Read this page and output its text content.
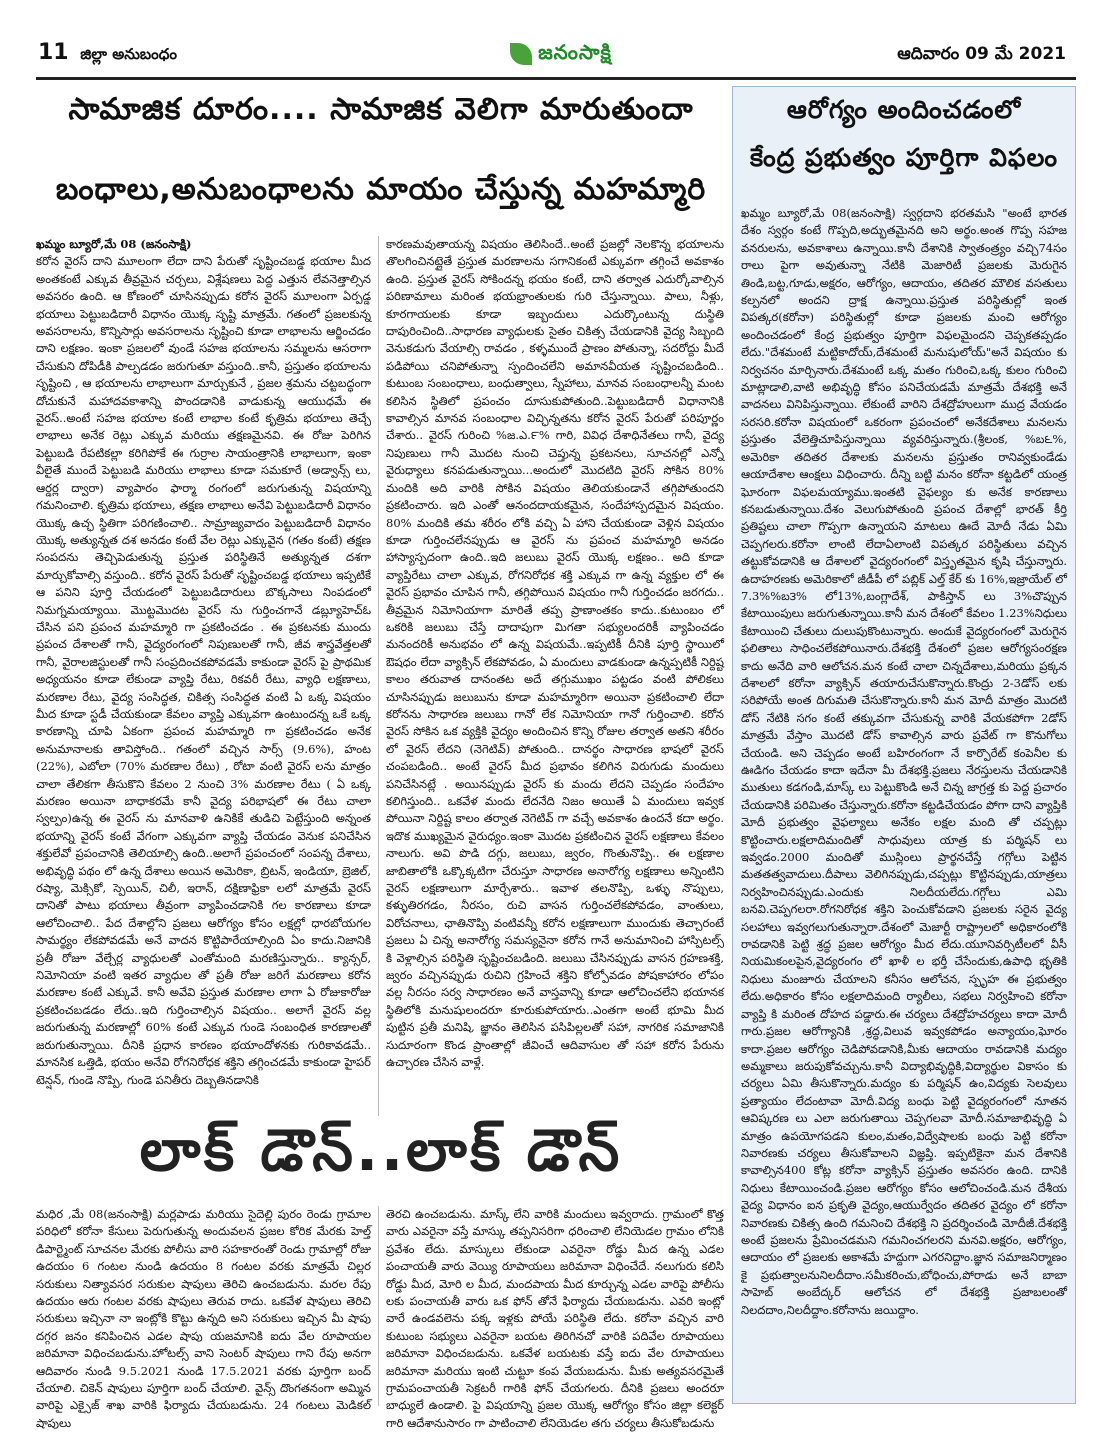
11 జిల్లా అనుబంధం	జనంసాక్షి	ఆదివారం 09 మే 2021
సామాజిక దూరం.... సామాజిక వెలిగా మారుతుందా
బంధాలు,అనుబంధాలను మాయం చేస్తున్న మహమ్మారి

ఖమ్మం బ్యూరో,మే 08 (జనంసాక్షి)

కరోన వైరస్ దాని మూలంగా లేదా దాని పేరుతో సృష్టించబడ్డ భయాల మీద అంతకంటే ఎక్కువ తీవ్రమైన చర్చలు, విశ్లేషణలు పెద్ద ఎత్తున లేవనెత్తాల్సిన అవసరం ఉంది. ఆ కోణంలో చూసినప్పుడు కరోన వైరస్ మూలంగా ఏర్పడ్డ భయాలు పెట్టుబడిదారీ విధానం యొక్క సృష్టి మాత్రమే. గతంలో ప్రజలకున్న అవసరాలను, కొన్నిసార్లు అవసరాలను సృష్టించి కూడా లాభాలను ఆర్జించడం దాని లక్షణం. ఇంకా ప్రజలలో వుండే సహజ భయాలను సమ్మలను ఆసరాగా చేసుకుని దోపిడీకి పాల్పడడం జరుగుతూ వస్తుంది..కానీ, ప్రస్తుతం భయాలను సృష్టించి , ఆ భయాలను లాభాలుగా మార్చుకునే , ప్రజల శ్రమను చట్టబద్ధంగా దోచుకునే మహాదవకాశాన్ని పొందడానికి వాడుకున్న ఆయుధమే ఈ వైరస్..అంటే సహజ భయాల కంటే లాభాల కంటే కృత్రిమ భయాలు తెచ్చే లాభాలు అనేక రెట్లు ఎక్కువ మరియు తక్షణమైనవి. ఈ రోజు పెరిగిన పెట్టుబడి రేపటికల్లా కరిగిపోకే ఈ గుర్రాల సాయంత్రానికి లాభాలుగా, ఇంకా వీలైతే ముందే పెట్టుబడి మరియు లాభాలు కూడా సమకూరే (అడ్వాన్స్ లు, ఆర్డర్ల ద్వారా) వ్యాపారం ఫార్మా రంగంలో జరుగుతున్న విషయాన్ని గమనించాలి. కృత్రిమ భయాలు, తక్షణ లాభాలు అనేవి పెట్టుబడిదారీ విధానం యొక్క ఉచ్ఛ స్థితిగా పరిగణించాలి.. సామ్రాజ్యవాదం పెట్టుబడిదారీ విధానం యొక్క అత్యున్నత దశ అనడం కంటే వేల రెట్లు ఎక్కువైన (గతం కంటే) తక్షణ సంపదను తెచ్చిపెడుతున్న ప్రస్తుత పరిస్థితినే అత్యున్నత దశగా మార్చుకోవాల్సి వస్తుంది.. కరోన వైరస్ పేరుతో సృష్టించబడ్డ భయాలు ఇప్పటికే ఆ పనిని పూర్తి చేయడంలో పెట్టుబడిదారులు బొక్కసాలు నింపడంలో నిమగ్నమయ్యాయి. మొట్టమొదట వైరస్ ను గుర్తించగానే డబ్ల్యూహెచ్ఓ చేసిన పని ప్రపంచ మహమ్మారి గా ప్రకటించడం . ఈ ప్రకటనకు ముందు ప్రపంచ దేశాలతో గానీ, వైద్యరంగంలో నిపుణులతో గానీ, జీవ శాస్త్రవేత్తలతో గానీ, వైరాలజిస్టులతో గానీ సంప్రదించకపోవడమే కాకుండా వైరస్ పై ప్రాథమిక అధ్యయనం కూడా లేకుండా వ్యాప్తి రేటు, రికవరీ రేటు, వ్యాధి లక్షణాలు, మరణాల రేటు, వైద్య సంసిద్ధత, చికిత్స సంసిద్ధత వంటి ఏ ఒక్క విషయం మీద కూడా స్టడీ చేయకుండా కేవలం వ్యాప్తి ఎక్కువగా ఉంటుందన్న ఒకే ఒక్క కారణాన్ని చూపి ఏకంగా ప్రపంచ మహమ్మారి గా ప్రకటించడం అనేక అనుమానాలకు తావిస్తోంది.. గతంలో వచ్చిన సార్స్ (9.6%), హంట (22%), ఎబోలా (70% మరణాల రేటు) , రోటా వంటి వైరస్ లను మాత్రం చాలా తేలికగా తీసుకొని కేవలం 2 నుంచి 3% మరణాల రేటు ( ఏ ఒక్క మరణం అయినా బాధాకరమే కానీ వైద్య పరిభాషలో ఈ రేటు చాలా స్వల్పం)ఉన్న ఈ వైరస్ ను మానవాళి ఉనికికే తుడిచి పెట్టేస్తుంది అన్నంత భయాన్ని వైరస్ కంటే వేగంగా ఎక్కువగా వ్యాప్తి చేయడం వెనుక పనిచేసిన శక్తులేవో ప్రపంచానికి తెలియాల్సి ఉంది..అలాగే ప్రపంచంలో సంపన్న దేశాలు, అభివృద్ధి పథం లో ఉన్న దేశాలు అయిన అమెరికా, బ్రిటన్, ఇండియా, బ్రెజిల్, రష్యా, మెక్సికో, స్పెయిన్, చిలీ, ఇరాన్, దక్షిణాఫ్రికా లలో మాత్రమే వైరస్ దానితో పాటు భయాలు తీవ్రంగా వ్యాపించడానికి గల కారణాలు కూడా ఆలోచించాలి.. పేద దేశాల్లోని ప్రజలు ఆరోగ్యం కోసం లక్షల్లో ధారబోయగల సామర్థ్యం లేకపోవడమే అనే వాదన కొట్టిపారేయాల్సింది ఏం కాదు.నిజానికి ప్రతీ రోజూ వేల్చేర్ల వ్యాధులతో ఎంతోమంది మరణిస్తున్నారు.. క్యాన్సర్, నిమోనియా వంటి ఇతర వ్యాధుల తో ప్రతీ రోజు జరిగే మరణాలు కరోన మరణాల కంటే ఎక్కువే. కానీ అవేవి ప్రస్తుత మరణాల లాగా ఏ రోజుకారోజు ప్రకటించబడడం లేదు..ఇది గుర్తించాల్సిన విషయం.. అలాగే వైరస్ వల్ల జరుగుతున్న మరణాల్లో 60% కంటే ఎక్కువ గుండె సంబంధిత కారణాలతో జరుగుతున్నాయి. దీనికి ప్రధాన కారణం భయాందోళనకు గురికావడమే.. మానసిక ఒత్తిడి, భయం అనేవి రోగనిరోధక శక్తిని తగ్గించడమే కాకుండా హైపర్ టెన్షన్, గుండె నొప్పి, గుండె పనితీరు దెబ్బతినడానికి

కారణమవుతాయన్న విషయం తెలిసిందే..అంటే ప్రజల్లో నెలకొన్న భయాలను తొలగించినట్లైతే ప్రస్తుత మరణాలను సగానికంటే ఎక్కువగా తగ్గించే అవకాశం ఉంది. ప్రస్తుత వైరస్ సోకిందన్న భయం కంటే, దాని తర్వాత ఎదుర్కోవాల్సిన పరిణామాలు మరింత భయభ్రాంతులకు గురి చేస్తున్నాయి. పాలు, నీళ్లు, కూరగాయలకు కూడా ఇబ్బందులు ఎదుర్కొంటున్న దుస్థితి దాపురించింది..సాధారణ వ్యాధులకు సైతం చికిత్స చేయడానికి వైద్య సిబ్బంది వెనుకడుగు వేయాల్సి రావడం , కళ్ళముందే ప్రాణం పోతున్నా, సదరోద్దు మీదే పడిపోయి చనిపోతున్నా స్పందించలేని అమానవీయత సృష్టించబడింది.. కుటుంబ సంబంధాలు, బంధుత్వాలు, స్నేహాలు, మానవ సంబంధాలన్నీ మంట కలిసిన స్థితిలో ప్రపంచం దూసుకుపోతుంది..పెట్టుబడిదారీ విధానానికి కావాల్సిన మానవ సంబంధాల విచ్ఛిన్నతను కరోన వైరస్ పేరుతో పరిపూర్ణం చేశారు.. వైరస్ గురించి %జ.ఎ.౯% గారి, వివిధ దేశాధినేతలు గానీ, వైద్య నిపుణులు గానీ మొదట నుంచి చెప్తున్న ప్రకటనలు, సూచనల్లో ఎన్నో వైరుధ్యాలు కనపడుతున్నాయి...అందులో మొదటిది వైరస్ సోకిన 80% మందికి అది వారికి సోకిన విషయం తెలియకుండానే తగ్గిపోతుందని ప్రకటించారు. ఇది ఎంతో ఆనందదాయకమైన, సందేహాస్పదమైన విషయం. 80% మందికి తమ శరీరం లోకి వచ్చి ఏ హాని చేయకుండా వెళ్లిన విషయం కూడా గుర్తించలేనప్పుడు ఆ వైరస్ ను ప్రపంచ మహమ్మారి అనడం హాస్యాస్పదంగా ఉంది..ఇది జలుబు వైరస్ యొక్క లక్షణం.. అది కూడా వ్యాప్తిరేటు చాలా ఎక్కువ, రోగనిరోధక శక్తి ఎక్కువ గా ఉన్న వ్యక్తుల లో ఈ వైరస్ ప్రభావం చూపిన గానీ, తగ్గిపోయిన విషయం గానీ గుర్తించడం జరగదు.. తీవ్రమైన నిమోనియాగా మారితే తప్ప ప్రాణాంతకం కాదు..కుటుంబం లో ఒకరికి జలుబు చేస్తే దాదాపుగా మిగతా సభ్యులందరికీ వ్యాపించడం మనందరికీ అనుభవం లో ఉన్న విషయమే..ఇప్పటికీ దీనికి పూర్తి స్థాయిలో ఔషధం లేదా వ్యాక్సిన్ లేకపోవడం, ఏ మందులు వాడకుండా ఉన్నప్పటికీ నిర్దిష్ట కాలం తరువాత దానంతట అదే తగ్గుముఖం పట్టడం వంటి పోలికలు చూసినప్పుడు జలుబును కూడా మహమ్మారిగా అయినా ప్రకటించాలి లేదా కరోనను సాధారణ జలుబు గానో లేక నిమోనియా గానో గుర్తించాలి. కరోన వైరస్ సోకిన ఒక వ్యక్తికి వైద్యం అందించిన కొన్ని రోజుల తర్వాత అతని శరీరం లో వైరస్ లేదని (నెగెటివ్) పోతుంది.. దానర్థం సాధారణ భాషలో వైరస్ చంపబడింది.. అంటే వైరస్ మీద ప్రభావం కలిగిన విరుగుడు మందులు పనిచేసినట్లే . అయినప్పుడు వైరస్ కు మందు లేదని చెప్పడం సందేహం కలిగిస్తుంది.. ఒకవేళ మందు లేదనేది నిజం అయితే ఏ మందులు ఇవ్వక పోయినా నిర్దిష్ట కాలం తర్వాత నెగెటివ్ గా వచ్చే అవకాశం ఉందనే కదా అర్థం. ఇదొక ముఖ్యమైన వైరుధ్యం.ఇంకా మొదట ప్రకటించిన వైరస్ లక్షణాలు కేవలం నాలుగు. అవి పొడి దగ్గు, జలుబు, జ్వరం, గొంతునొప్పి.. ఈ లక్షణాల జాబితాలోకి ఒక్కొక్కటిగా చేరుస్తూ సాధారణ అనారోగ్య లక్షణాలు అన్నింటిని వైరస్ లక్షణాలుగా మార్చేశారు.. ఇవాళ తలనొప్పి, ఒళ్ళు నొప్పులు, కళ్ళుతిరగడం, నీరసం, రుచి వాసన గుర్తించలేకపోవడం, వాంతులు, విరోచనాలు, ఛాతినొప్పి వంటివన్నీ కరోన లక్షణాలుగా ముందుకు తెచ్చారంటే ప్రజలు ఏ చిన్న అనారోగ్య సమస్యనైనా కరోన గానే అనుమానించి హాస్పిటల్స్ కి వెళ్లాల్సిన పరిస్థితి సృష్టించబడింది. జలుబు చేసినప్పుడు వాసన గ్రహణశక్తి, జ్వరం వచ్చినప్పుడు రుచిని గ్రహించే శక్తిని కోల్పోవడం పోషకాహారం లోపం వల్ల నీరసం సర్వ సాధారణం అనే వాస్తవాన్ని కూడా ఆలోచించలేని భయానక స్థితిలోకి మనుషులందరూ కూరుకుపోయారు..ఎంతగా అంటే భూమి మీద పుట్టిన ప్రతీ మనిషి, జ్ఞానం తెలిసిన పసిపిల్లలతో సహా, నాగరిక సమాజానికి సుదూరంగా కొండ ప్రాంతాల్లో జీవించే ఆదివాసుల తో సహా కరోన పేరును ఉచ్చారణ చేసిన వాళ్లే.

లాక్ డౌన్..లాక్ డౌన్

మధిర ,మే 08(జనంసాక్షి) మర్లపాడు మరియు సైదెల్లి పురం రెండు గ్రామాల పరిధిలో కరోనా కేసులు పెరుగుతున్న అందువలన ప్రజల కోరిక మేరకు హెల్త్ డిపార్ట్మెంట్ సూచనల మేరకు పోలీసు వారి సహకారంతో రెండు గ్రామాల్లో రోజు ఉదయం 6 గంటల నుండి ఉదయం 8 గంటల వరకు మాత్రమే చిల్లర సరుకులు నిత్యావసర సరుకుల షాపులు తెరిచి ఉంచబడును. మరల రేపు ఉదయం ఆరు గంటల వరకు షాపులు తెరువ రాదు. ఒకవేళ షాపులు తెరిచి సరుకులు ఇచ్చినా నా ఇంట్లోకి కొట్టు ఉన్నది అని సరుకులు ఇచ్చిన మీ షాపు దగ్గర జనం కనిపించిన ఎడల షాపు యజమానికి ఐదు వేల రూపాయల జరిమానా విధించబడును.హోటల్స్ వాని సెంటర్ షాపులు గాని రేపు అనగా ఆదివారం నుండి 9.5.2021 నుండి 17.5.2021 వరకు పూర్తిగా బంద్ చేయాలి. చికెన్ షాపులు పూర్తిగా బంద్ చేయాలి. వైన్స్ దొంగతనంగా అమ్మిన వారిపై ఎక్సైజ్ శాఖ వారికి ఫిర్యాదు చేయబడును. 24 గంటలు మెడికల్ షాపులు

తెరచి ఉంచబడును. మాస్క్ లేని వారికి మందులు ఇవ్వరాదు. గ్రామంలో కొత్త వారు ఎవరైనా వస్తే మాస్కు తప్పనిసరిగా ధరించాలి లేనియెడల గ్రామం లోనికి ప్రవేశం లేదు. మాస్కులు లేకుండా ఎవరైనా రోడ్డు మీద ఉన్న ఎడల పంచాయతీ వారు వెయ్యి రూపాయలు జరిమానా విధించేదే. నలుగురు కలిసి రోడ్డు మీద, మోరి ల మీద, మందపాయ మీద కూర్చున్న ఎడల వారిపై పోలీసు లకు పంచాయతీ వారు ఒక ఫోన్ తోనే ఫిర్యాదు చేయబడును. ఎవరి ఇంట్లో వారే ఉండవలెను పక్క ఇళ్లకు పోయే పరిస్థితి లేదు. కరోనా వచ్చిన వారి కుటుంబ సభ్యులు ఎవరైనా బయట తిరిగినచో వారికి పదివేల రూపాయలు జరిమానా విధించబడును. ఒకవేళ బయటకు వస్తే ఐదు వేల రూపాయలు జరిమానా మరియు ఇంటి చుట్టూ కంప వేయబడును. మీకు అత్యవసరమైతే గ్రామపంచాయతీ సెక్రటరీ గారికి ఫోన్ చేయగలరు. దీనికి ప్రజలు అందరూ బాధ్యులే ఉండాలి. పై విషయాన్ని ప్రజల యొక్క ఆరోగ్యం కోసం జిల్లా కలెక్టర్ గారి ఆదేశానుసారం గా పాటించాలి లేనియెడల తగు చర్యలు తీసుకోబడును

ఆరోగ్యం అందించడంలో
కేంద్ర ప్రభుత్వం పూర్తిగా విఫలం

ఖమ్మం బ్యూరో,మే 08(జనంసాక్షి) స్వర్గదాని భరతమసి "అంటే భారత దేశం స్వర్గం కంటే గొప్పది,అద్భుతమైనది అని అర్థం.అంత గొప్ప సహజ వనరులను, అవకాశాలు ఉన్నాయి.కానీ దేశానికి స్వాతంత్ర్యం వచ్చి74సం రాలు పైగా అవుతున్నా నేటికి మెజారిటీ ప్రజలకు మెరుగైన తిండి,బట్ట,గూడు,అక్షరం, ఆరోగ్యం, ఆదాయం, తదితర మౌలిక వసతులు కల్పనలో అందని ద్రాక్ష ఉన్నాయి.ప్రస్తుత పరిస్థితుల్లో ఇంత విపత్కర(కరోనా) పరిస్థితుల్లో కూడా ప్రజలకు మంచి ఆరోగ్యం అందించడంలో కేంద్ర ప్రభుత్వం పూర్తిగా విఫలమైందని చెప్పకతప్పడం లేదు."దేశమంటే మట్టికాదోయ్,దేశమంటే మనుషులోయ్"అనే విషయం కు నిర్వచనం మార్చినారు.దేశమంటే ఒక్క మతం గురించి,ఒక్క కులం గురించి మాట్లాడాలి,వాటి అభివృద్ధి కోసం పనిచేయడమే మాత్రమే దేశభక్తి అనే వాదనలు వినిపిస్తున్నాయి. లేకుంటే వారిని దేశద్రోహులుగా ముద్ర వేయడం సరసరి.కరోనా విషయంలో ఒకరంగా ప్రపంచంలో అనేకదేశాలు మనలను ప్రస్తుతం వేలెత్తిచూపిస్తున్నాయి వ్యవరిస్తున్నారు.(శ్రీలంక, %బ౬%, అమెరికా తదితర దేశాలకు మనలను ప్రస్తుతం రానివ్వకుండేడు ఆయాదేశాల ఆంక్షలు విధించారు. దీన్ని బట్టి మనం కరోనా కట్టడిలో యంత్ర ఘోరంగా విఫలమయ్యాము.ఇంతటి వైఫల్యం కు అనేక కారణాలు కనబడుతున్నాయి.దేశం వెలుగుపోతుంది ప్రపంచ దేశాల్లో భారత్ కీర్తి ప్రతిష్టలు చాలా గొప్పగా ఉన్నాయని మాటలు ఊదే మోదీ నేడు ఏమి చెప్పగలరు.కరోనా లాంటి లేదాఏలాంటి విపత్కర పరిస్థితులు వచ్చిన తట్టుకోవడానికి ఆ దేశాలలో వైద్యరంగంలో విస్తృతమైన కృషి చేస్తున్నారు. ఉదాహరణకు అమెరికాలో జీడీపీ లో పబ్లిక్ ఎల్త్ కేర్ కు 16%,ఇజ్రాయేల్ లో 7.3%%బ౩% లో13%,బంగ్లాదేశ్, పాకిస్తాన్ లు 3%చొప్పున కేటాయింపులు జరుగుతున్నాయి.కానీ మన దేశంలో కేవలం 1.23%నిధులు కేటాయించి చేతులు దులుపుకొంటున్నారు. అందుకే వైద్యరంగంలో మెరుగైన ఫలితాలు సాధించలేకపోయినారు.దేశభక్తి దేశంలో ప్రజల ఆరోగ్యసంరక్షణ కాదు అనేది వారి ఆలోచన.మన కంటే చాలా చిన్నదేశాలు,మరియు ప్రక్కన దేశాలలో కరోనా వ్యాక్సిన్ తయారుచేసుకొన్నారు.కొంద్రు 2-3డోస్ లకు సరిపోయే అంత దిగుమతి చేసుకొన్నారు.కానీ మన మోదీ మాత్రం మొదటి డోస్ నేటికి సగం కంటే తక్కువగా చేసుకున్న వారికి వేయకపోగా 2డోస్ మాత్రమే వేస్తాం మొదటి డోస్ కావాల్సిన వారు ప్రవేట్ గా కొనుగోలు చేయండి. అని చెప్పడం అంటే బహిరంగంగా నే కార్పొరేట్ కంపెనీల కు ఊడిగం చేయడం కాదా ఇదేనా మీ దేశభక్తి.ప్రజలు నేరస్తులను చేయడానికి ముతులు కడగండి,మాస్క్ లు పెట్టుకొండి అనే చిన్న జాగ్రత్త కు పెద్ద ప్రచారం చేయడానికి పరిమితం చేస్తున్నారు.కరోనా కట్టడిచేయడం పోగా దాని వ్యాప్తికి మోదీ ప్రభుత్వం వైఫల్యాలు అనేకం లక్షల మంది తో చప్పట్లు కొట్టించారు.లక్షలాదిమందితో సాధువులు యాత్ర కు పర్మిషన్ లు ఇవ్వడం.2000 మందితో ముస్లింలు ప్రార్థనచేస్తే గగ్గోలు పెట్టిన మతతత్వవాదులు.దీపాలు వెలిగినప్పుడు,చప్పట్లు కొట్టినప్పుడు,యాత్రలు నిర్వహించినప్పుడు.ఎందుకు నిలదీయలేదు.గగ్గోలు ఎమి బనవి.చెప్పగలరా.రోగనిరోధక శక్తిని పెంచుకోవడాని ప్రజలకు సరైన వైద్య సలహాలు ఇవ్వగలుగుతున్నారా.దేశంలో మెజార్టీ రాష్ట్రాలలో అధికారంలోకి రావడానికి పెట్టి శ్రద్ధ ప్రజల ఆరోగ్యం మీద లేదు.యూనివర్సిటీలలో వీసీ నియమికంలపైన,వైద్యరంగం లో ఖాళీ ల భర్తీ చేసేందుకు,ఉపాధి భృతికి నిధులు మంజూరు చేయాలని కనీసం ఆలోచన, స్పృహ ఈ ప్రభుత్వం లేదు.అధికారం కోసం లక్షలాదిమంది ర్యాలీలు, సభలు నిర్వహించి కరోనా వ్యాప్తి కి మరింత దోహద పడ్డారు.ఈ చర్యలు దేశద్రోహచర్యలు కాదా మోదీ గారు.ప్రజల ఆరోగ్యానికి ,శ్రద్ధ,విలువ ఇవ్వకపోడం అన్యాయం,ఘోరం కాదా.ప్రజల ఆరోగ్యం చెడిపోవడానికి,మీకు ఆదాయం రావడానికి మద్యం అమ్మకాలు జరుపుకోవచ్చును.కానీ విద్యాభివృద్ధికి,విద్యార్థుల వికాసం కు చర్యలు ఏమి తీసుకొన్నారు.మద్యం కు పర్మిషన్ ఉం,విద్యకు సెలవులు ప్రత్యాయం లేదంటావా మోదీ.విద్య బంధు పెట్టి వైద్యరంగంలో నూతన ఆవిష్కరణ లు ఎలా జరుగుతాయి చెప్పగలవా మోదీ.సమాజాభివృద్ధి ఏ మాత్రం ఉపయోగపడని కులం,మతం,విద్వేషాలకు బంధు పెట్టి కరోనా నివారణకు చర్యలు తీసుకోవాలని విజ్ఞప్తి. ఇప్పటికైనా మన దేశానికి కావాల్సిన400 కోట్ల కరోనా వ్యాక్సిన్ ప్రస్తుతం అవసరం ఉంది. దానికి నిధులు కేటాయించండి.ప్రజల ఆరోగ్యం కోసం ఆలోచించండి.మన దేశీయ వైద్య విధానం ఐన ప్రకృతి వైద్యం,ఆయుర్వేదం తదితర వైద్యం లో కరోనా నివారణకు చికిత్స ఉంది గమనించి దేశభక్తి ని ప్రదర్శించండి మోదీజీ.దేశభక్తి అంటే ప్రజలను ప్రేమించడమని గమనించగలరని మనవి.అక్షరం, ఆరోగ్యం, ఆదాయం లో ప్రజలకు అకాశమే హద్దుగా ఎగరనిద్దాం.జ్ఞాన సమాజనిర్మాణం కై ప్రభుత్వాలనునిలదీదాం.సమీకరించు,బోధించు,పోరాడు అనే బాబా సాహెబ్ అంబేద్కర్ ఆలోచన లో దేశభక్తి ప్రజాబలంతో నిలదదాం,నిలదీద్దాం.కరోనాను జయిద్దాం.
